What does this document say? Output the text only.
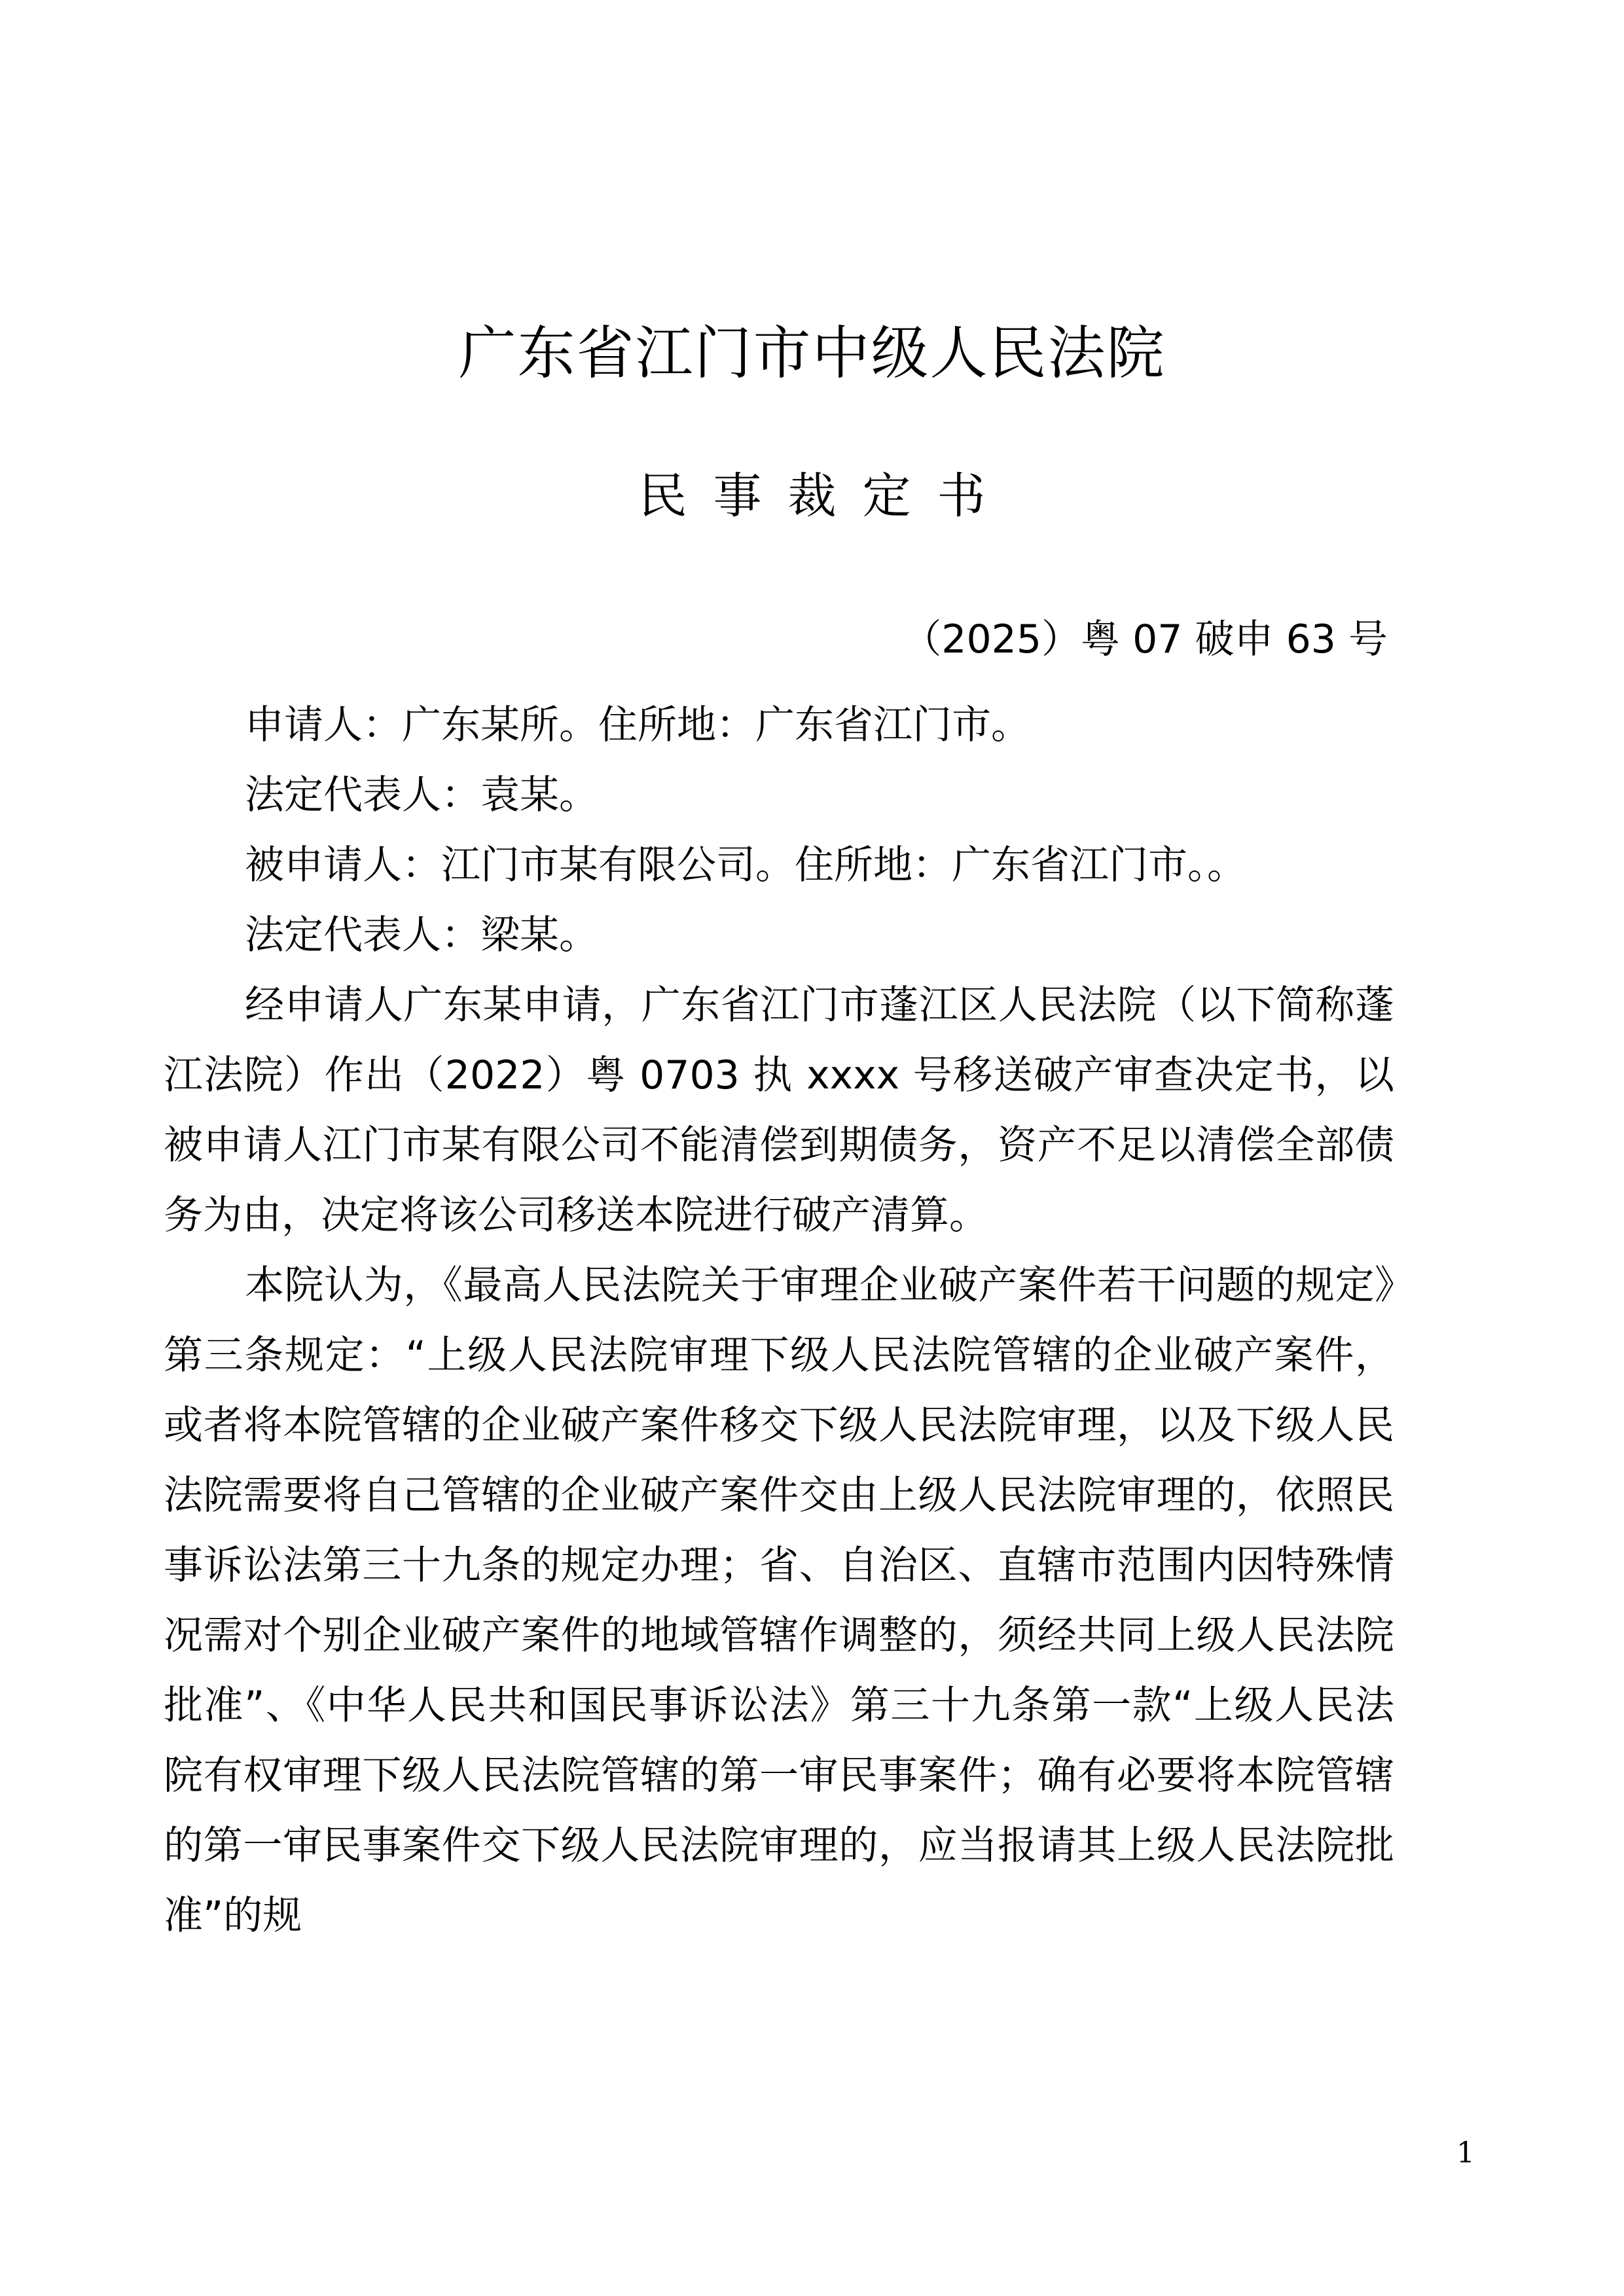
广东省江门市中级人民法院
民事裁定书
（2025）粤 07 破申 63 号

申请人：广东某所。住所地：广东省江门市。

法定代表人：袁某。

被申请人：江门市某有限公司。住所地：广东省江门市。。

法定代表人：梁某。

经申请人广东某申请，广东省江门市蓬江区人民法院（以下简称蓬江法院）作出（2022）粤 0703 执 xxxx 号移送破产审查决定书，以被申请人江门市某有限公司不能清偿到期债务，资产不足以清偿全部债务为由，决定将该公司移送本院进行破产清算。

本院认为，《最高人民法院关于审理企业破产案件若干问题的规定》第三条规定：“上级人民法院审理下级人民法院管辖的企业破产案件，或者将本院管辖的企业破产案件移交下级人民法院审理，以及下级人民法院需要将自己管辖的企业破产案件交由上级人民法院审理的，依照民事诉讼法第三十九条的规定办理；省、自治区、直辖市范围内因特殊情况需对个别企业破产案件的地域管辖作调整的，须经共同上级人民法院批准”、《中华人民共和国民事诉讼法》第三十九条第一款“上级人民法院有权审理下级人民法院管辖的第一审民事案件；确有必要将本院管辖的第一审民事案件交下级人民法院审理的，应当报请其上级人民法院批准”的规

1
